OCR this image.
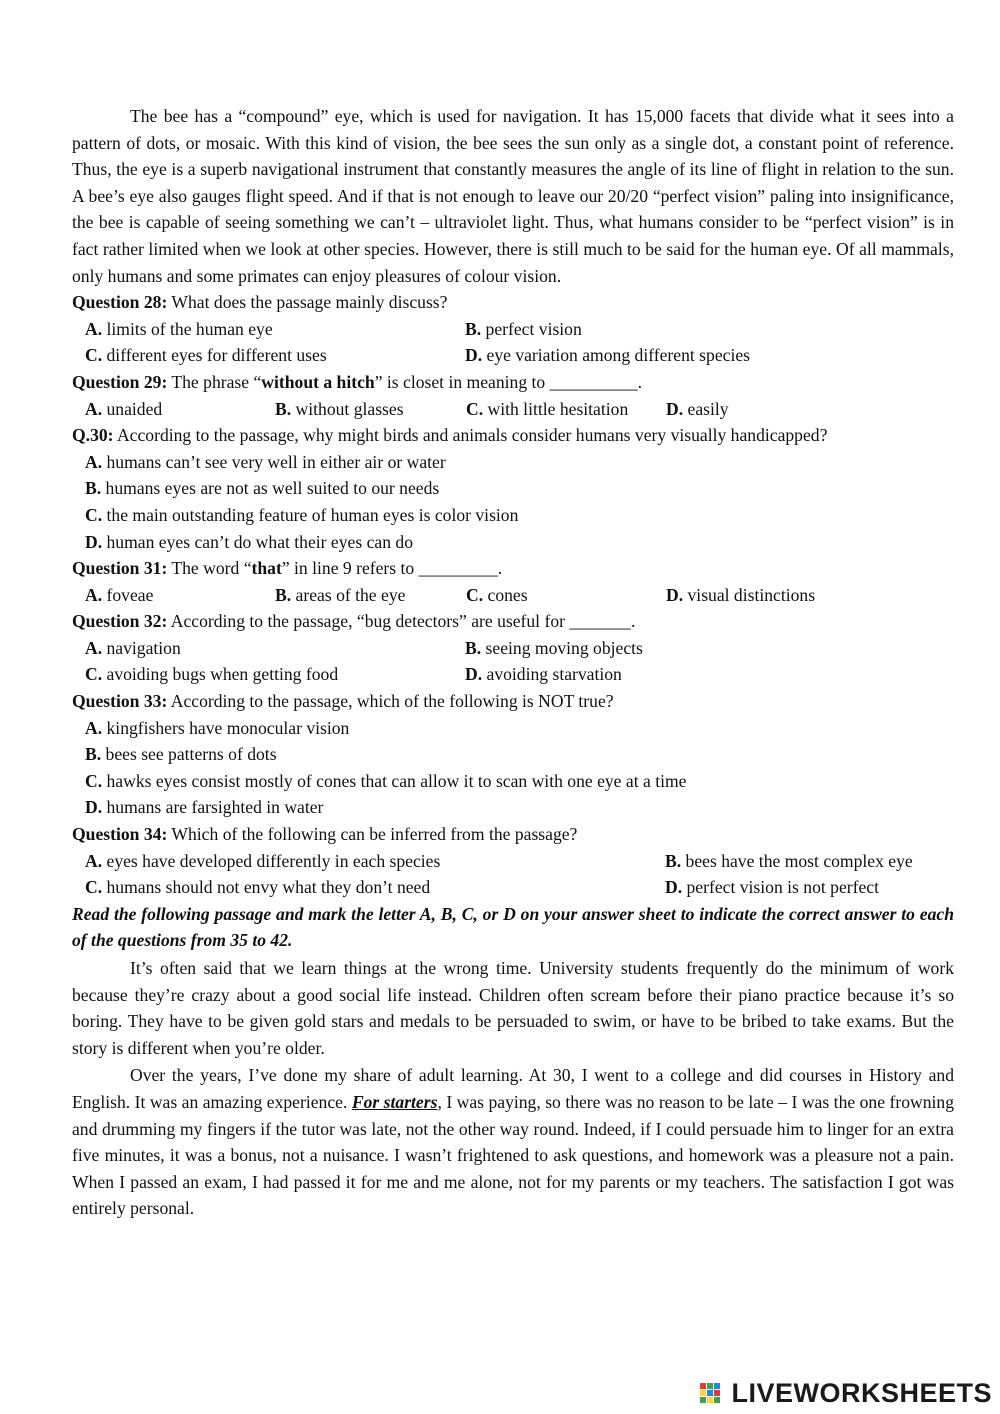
The bee has a “compound” eye, which is used for navigation. It has 15,000 facets that divide what it sees into a pattern of dots, or mosaic. With this kind of vision, the bee sees the sun only as a single dot, a constant point of reference. Thus, the eye is a superb navigational instrument that constantly measures the angle of its line of flight in relation to the sun. A bee’s eye also gauges flight speed. And if that is not enough to leave our 20/20 “perfect vision” paling into insignificance, the bee is capable of seeing something we can’t – ultraviolet light. Thus, what humans consider to be “perfect vision” is in fact rather limited when we look at other species. However, there is still much to be said for the human eye. Of all mammals, only humans and some primates can enjoy pleasures of colour vision.

Question 28: What does the passage mainly discuss?

A. limits of the human eye	B. perfect vision
C. different eyes for different uses	D. eye variation among different species

Question 29: The phrase “without a hitch” is closet in meaning to __________.

A. unaided	B. without glasses	C. with little hesitation	D. easily

Q.30: According to the passage, why might birds and animals consider humans very visually handicapped?

A. humans can’t see very well in either air or water
B. humans eyes are not as well suited to our needs
C. the main outstanding feature of human eyes is color vision
D. human eyes can’t do what their eyes can do

Question 31: The word “that” in line 9 refers to _________.

A. foveae	B. areas of the eye	C. cones	D. visual distinctions

Question 32: According to the passage, “bug detectors” are useful for _______.

A. navigation	B. seeing moving objects
C. avoiding bugs when getting food	D. avoiding starvation

Question 33: According to the passage, which of the following is NOT true?

A. kingfishers have monocular vision
B. bees see patterns of dots
C. hawks eyes consist mostly of cones that can allow it to scan with one eye at a time
D. humans are farsighted in water

Question 34: Which of the following can be inferred from the passage?

A. eyes have developed differently in each species	B. bees have the most complex eye
C. humans should not envy what they don’t need	D. perfect vision is not perfect

Read the following passage and mark the letter A, B, C, or D on your answer sheet to indicate the correct answer to each of the questions from 35 to 42.

It’s often said that we learn things at the wrong time. University students frequently do the minimum of work because they’re crazy about a good social life instead. Children often scream before their piano practice because it’s so boring. They have to be given gold stars and medals to be persuaded to swim, or have to be bribed to take exams. But the story is different when you’re older.

Over the years, I’ve done my share of adult learning. At 30, I went to a college and did courses in History and English. It was an amazing experience. For starters, I was paying, so there was no reason to be late – I was the one frowning and drumming my fingers if the tutor was late, not the other way round. Indeed, if I could persuade him to linger for an extra five minutes, it was a bonus, not a nuisance. I wasn’t frightened to ask questions, and homework was a pleasure not a pain. When I passed an exam, I had passed it for me and me alone, not for my parents or my teachers. The satisfaction I got was entirely personal.

LIVEWORKSHEETS
